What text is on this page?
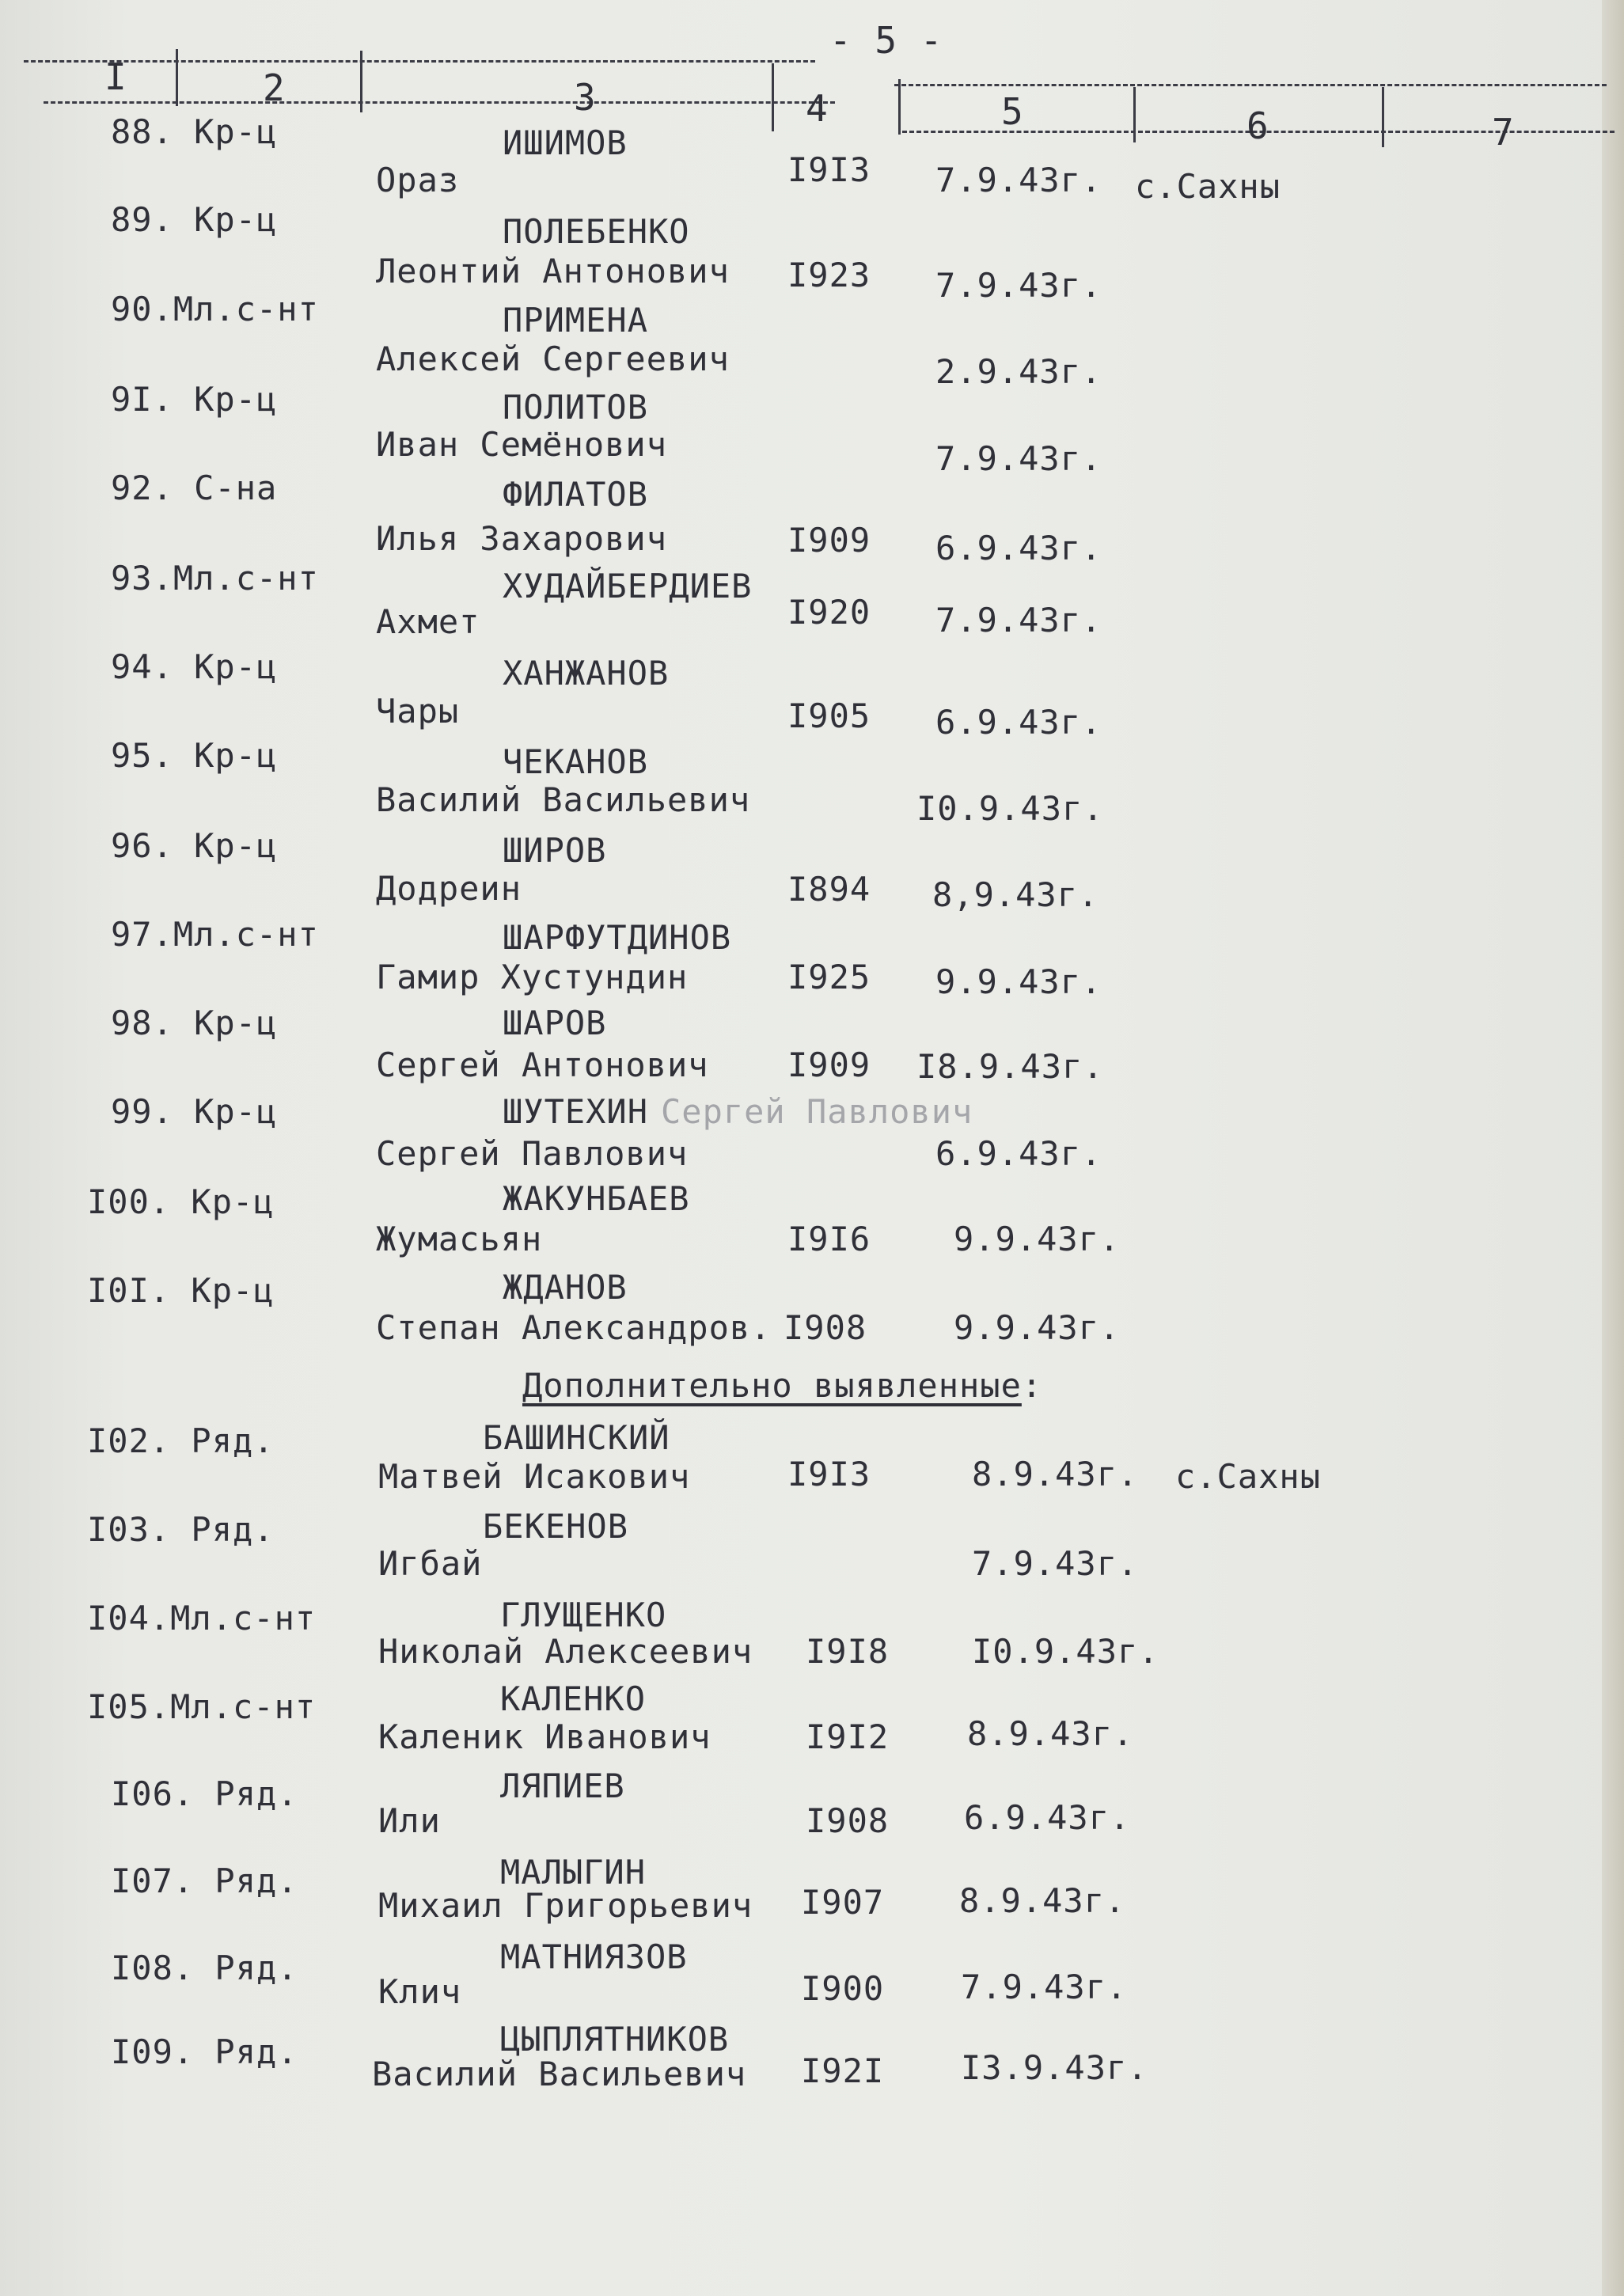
- 5 -
I	2	3	4	5	6	7
88. Кр-ц	ИШИМОВ
Ораз	I9I3 7.9.43г. с.Сахны
89. Кр-ц	ПОЛЕБЕНКО
Леонтий Антонович I923 7.9.43г.
90.Мл.с-нт	ПРИМЕНА
Алексей Сергеевич	2.9.43г.
9I. Кр-ц	ПОЛИТОВ
Иван Семёнович	7.9.43г.
92. С-на	ФИЛАТОВ
Илья Захарович	I909 6.9.43г.
93.Мл.с-нт	ХУДАЙБЕРДИЕВ
Ахмет	I920 7.9.43г.
94. Кр-ц	ХАНЖАНОВ
Чары	I905 6.9.43г.
95. Кр-ц	ЧЕКАНОВ
Василий Васильевич	I0.9.43г.
96. Кр-ц	ШИРОВ
Додреин	I894 8,9.43г.
97.Мл.с-нт	ШАРФУТДИНОВ
Гамир Хустундин	I925 9.9.43г.
98. Кр-ц	ШАРОВ
Сергей Антонович I909 I8.9.43г.
99. Кр-ц	ШУТЕХИН Сергей Павлович
Сергей Павлович	6.9.43г.
I00. Кр-ц	ЖАКУНБАЕВ
Жумасьян	I9I6 9.9.43г.
I0I. Кр-ц	ЖДАНОВ
Степан Александров. I908	9.9.43г.
Дополнительно выявленные:
I02. Ряд.	БАШИНСКИЙ
Матвей Исакович	I9I3	8.9.43г. с.Сахны
I03. Ряд.	БЕКЕНОВ
Игбай	7.9.43г.
I04.Мл.с-нт	ГЛУЩЕНКО
Николай Алексеевич I9I8 I0.9.43г.
I05.Мл.с-нт	КАЛЕНКО
Каленик Иванович	I9I2 8.9.43г.
I06. Ряд.	ЛЯПИЕВ
Или	I908 6.9.43г.
I07. Ряд.	МАЛЫГИН
Михаил Григорьевич I907 8.9.43г.
I08. Ряд.	МАТНИЯЗОВ
Клич	I900 7.9.43г.
I09. Ряд.	ЦЫПЛЯТНИКОВ
Василий Васильевич I92I I3.9.43г.
